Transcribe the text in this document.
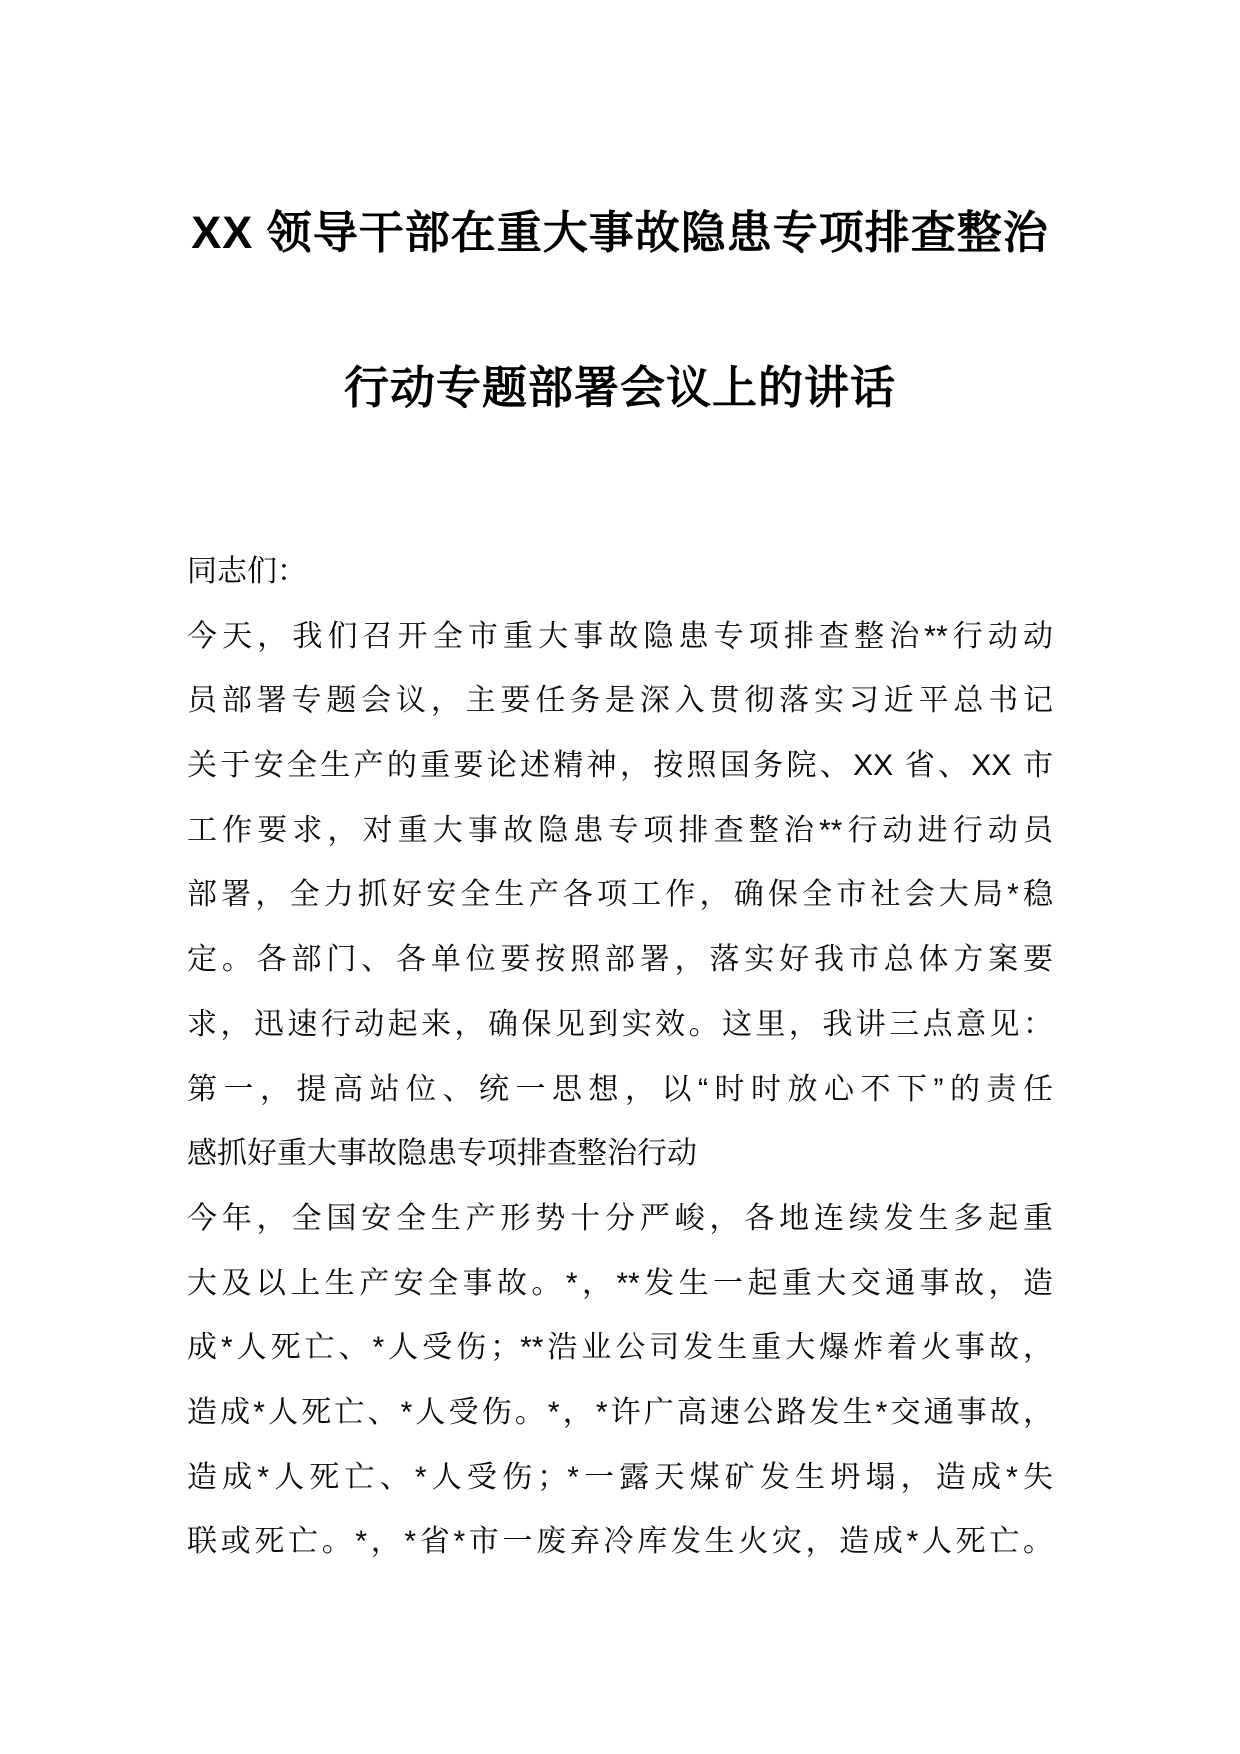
XX 领导干部在重大事故隐患专项排查整治
行动专题部署会议上的讲话
同志们：
今天，我们召开全市重大事故隐患专项排查整治**行动动
员部署专题会议，主要任务是深入贯彻落实习近平总书记
关于安全生产的重要论述精神，按照国务院、XX 省、XX 市
工作要求，对重大事故隐患专项排查整治**行动进行动员
部署，全力抓好安全生产各项工作，确保全市社会大局*稳
定。各部门、各单位要按照部署，落实好我市总体方案要
求，迅速行动起来，确保见到实效。这里，我讲三点意见：
第一，提高站位、统一思想，以“时时放心不下”的责任
感抓好重大事故隐患专项排查整治行动
今年，全国安全生产形势十分严峻，各地连续发生多起重
大及以上生产安全事故。*，**发生一起重大交通事故，造
成*人死亡、*人受伤；**浩业公司发生重大爆炸着火事故，
造成*人死亡、*人受伤。*，*许广高速公路发生*交通事故，
造成*人死亡、*人受伤；*一露天煤矿发生坍塌，造成*失
联或死亡。*，*省*市一废弃冷库发生火灾，造成*人死亡。
